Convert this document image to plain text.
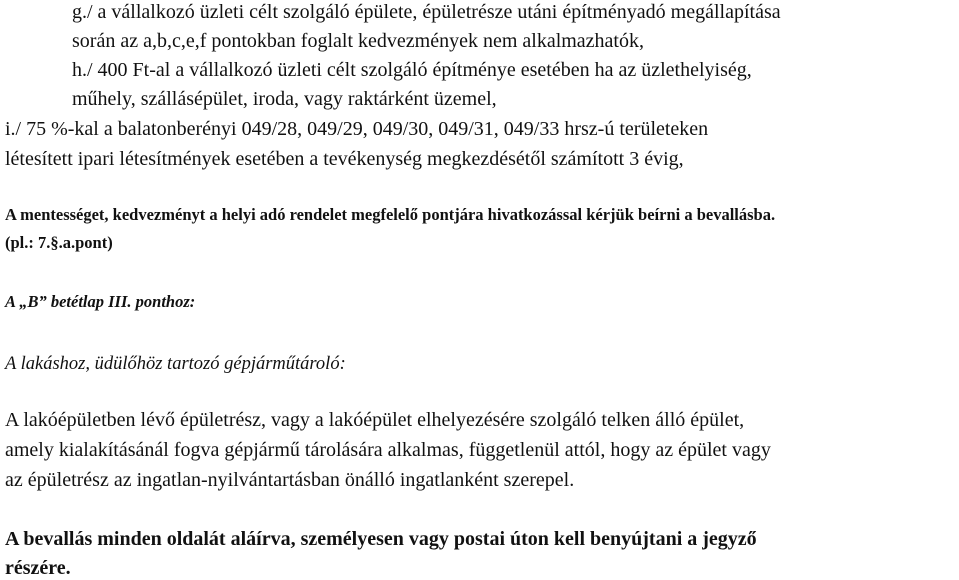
g./ a vállalkozó üzleti célt szolgáló épülete, épületrésze utáni építményadó megállapítása
során az a,b,c,e,f pontokban foglalt kedvezmények nem alkalmazhatók,
h./ 400 Ft-al a vállalkozó üzleti célt szolgáló építménye esetében ha az üzlethelyiség,
műhely, szállásépület, iroda, vagy raktárként üzemel,
i./ 75 %-kal a balatonberényi 049/28, 049/29, 049/30, 049/31, 049/33 hrsz-ú területeken
létesített ipari létesítmények esetében a tevékenység megkezdésétől számított 3 évig,
A mentességet, kedvezményt a helyi adó rendelet megfelelő pontjára hivatkozással kérjük beírni a bevallásba.
(pl.: 7.§.a.pont)
A „B” betétlap III. ponthoz:
A lakáshoz, üdülőhöz tartozó gépjárműtároló:
A lakóépületben lévő épületrész, vagy a lakóépület elhelyezésére szolgáló telken álló épület,
amely kialakításánál fogva gépjármű tárolására alkalmas, függetlenül attól, hogy az épület vagy
az épületrész az ingatlan-nyilvántartásban önálló ingatlanként szerepel.
A bevallás minden oldalát aláírva, személyesen vagy postai úton kell benyújtani a jegyző
részére.
